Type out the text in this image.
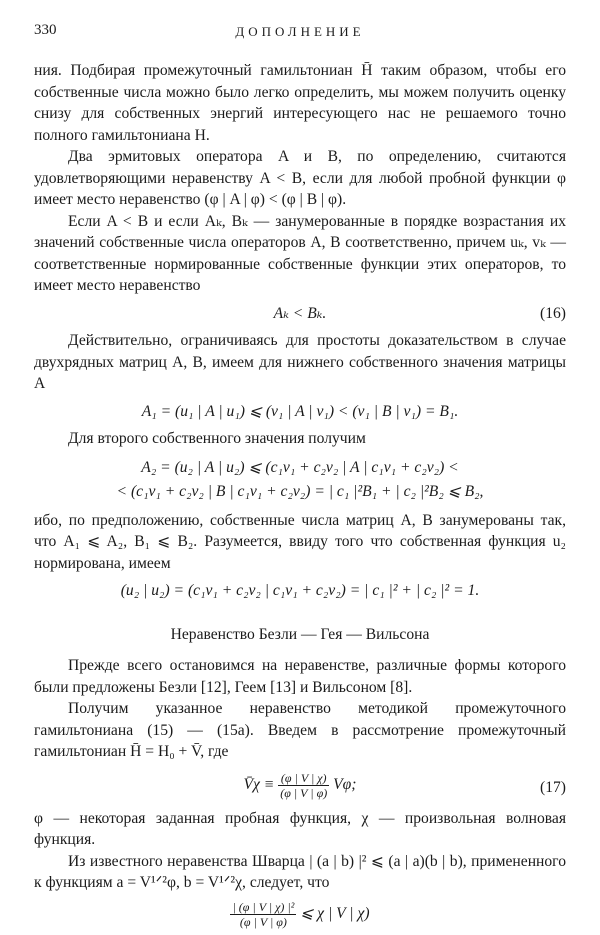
330	ДОПОЛНЕНИЕ

ния. Подбирая промежуточный гамильтониан H̄ таким образом, чтобы его собственные числа можно было легко определить, мы можем получить оценку снизу для собственных энергий интересующего нас не решаемого точно полного гамильтониана H.

Два эрмитовых оператора A и B, по определению, считаются удовлетворяющими неравенству A < B, если для любой пробной функции φ имеет место неравенство (φ | A | φ) < (φ | B | φ).

Если A < B и если Aₖ, Bₖ — занумерованные в порядке возрастания их значений собственные числа операторов A, B соответственно, причем uₖ, vₖ — соответственные нормированные собственные функции этих операторов, то имеет место неравенство

Aₖ < Bₖ.	(16)

Действительно, ограничиваясь для простоты доказательством в случае двухрядных матриц A, B, имеем для нижнего собственного значения матрицы A

A₁ = (u₁ | A | u₁) ⩽ (v₁ | A | v₁) < (v₁ | B | v₁) = B₁.

Для второго собственного значения получим

A₂ = (u₂ | A | u₂) ⩽ (c₁v₁ + c₂v₂ | A | c₁v₁ + c₂v₂) <
< (c₁v₁ + c₂v₂ | B | c₁v₁ + c₂v₂) = | c₁ |²B₁ + | c₂ |²B₂ ⩽ B₂,

ибо, по предположению, собственные числа матриц A, B занумерованы так, что A₁ ⩽ A₂, B₁ ⩽ B₂. Разумеется, ввиду того что собственная функция u₂ нормирована, имеем

(u₂ | u₂) = (c₁v₁ + c₂v₂ | c₁v₁ + c₂v₂) = | c₁ |² + | c₂ |² = 1.
Неравенство Безли — Гея — Вильсона

Прежде всего остановимся на неравенстве, различные формы которого были предложены Безли [12], Геем [13] и Вильсоном [8].

Получим указанное неравенство методикой промежуточного гамильтониана (15) — (15а). Введем в рассмотрение промежуточный гамильтониан H̄ = H₀ + V̄, где

V̄χ ≡ $\frac{(\varphi | V | \chi)}{(\varphi | V | \varphi)} V\varphi$;	(17)

φ — некоторая заданная пробная функция, χ — произвольная волновая функция.

Из известного неравенства Шварца | (a | b) |² ⩽ (a | a)(b | b), примененного к функциям a = V¹ᐟ²φ, b = V¹ᐟ²χ, следует, что

$\frac{\text{| (φ | V | χ) |²}}{(\varphi | V | \varphi)}$ ⩽ χ | V | χ)
